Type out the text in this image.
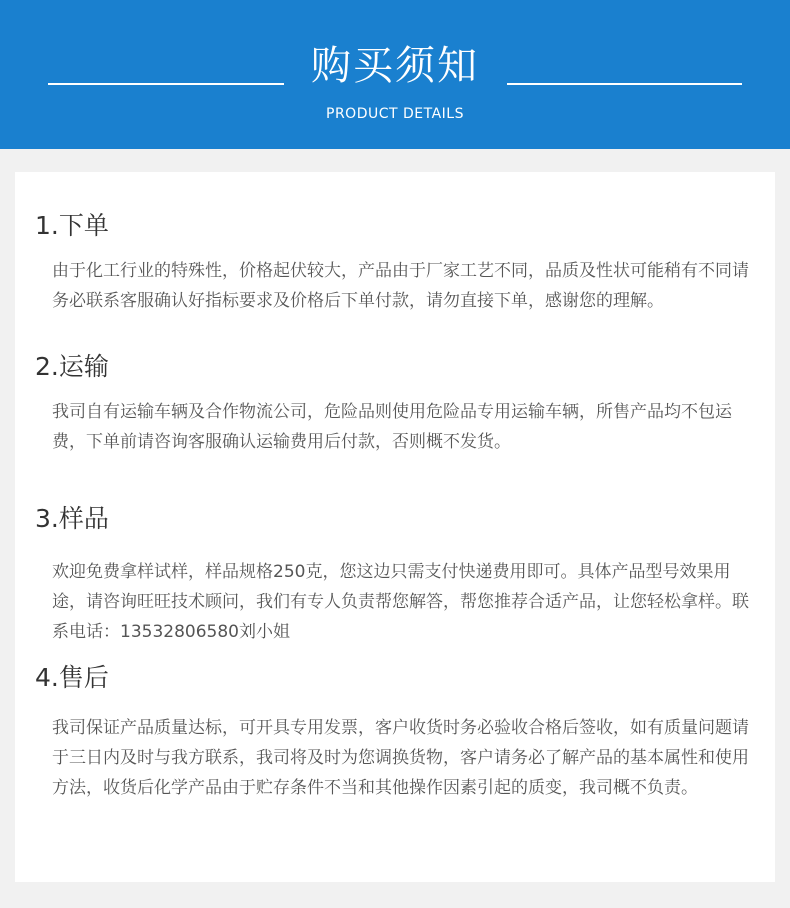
购买须知
PRODUCT DETAILS
1.下单

由于化工行业的特殊性，价格起伏较大，产品由于厂家工艺不同，品质及性状可能稍有不同请务必联系客服确认好指标要求及价格后下单付款，请勿直接下单，感谢您的理解。

2.运输

我司自有运输车辆及合作物流公司，危险品则使用危险品专用运输车辆，所售产品均不包运费，下单前请咨询客服确认运输费用后付款，否则概不发货。

3.样品

欢迎免费拿样试样，样品规格250克，您这边只需支付快递费用即可。具体产品型号效果用途，请咨询旺旺技术顾问，我们有专人负责帮您解答，帮您推荐合适产品，让您轻松拿样。联系电话：13532806580刘小姐

4.售后

我司保证产品质量达标，可开具专用发票，客户收货时务必验收合格后签收，如有质量问题请于三日内及时与我方联系，我司将及时为您调换货物，客户请务必了解产品的基本属性和使用方法，收货后化学产品由于贮存条件不当和其他操作因素引起的质变，我司概不负责。
